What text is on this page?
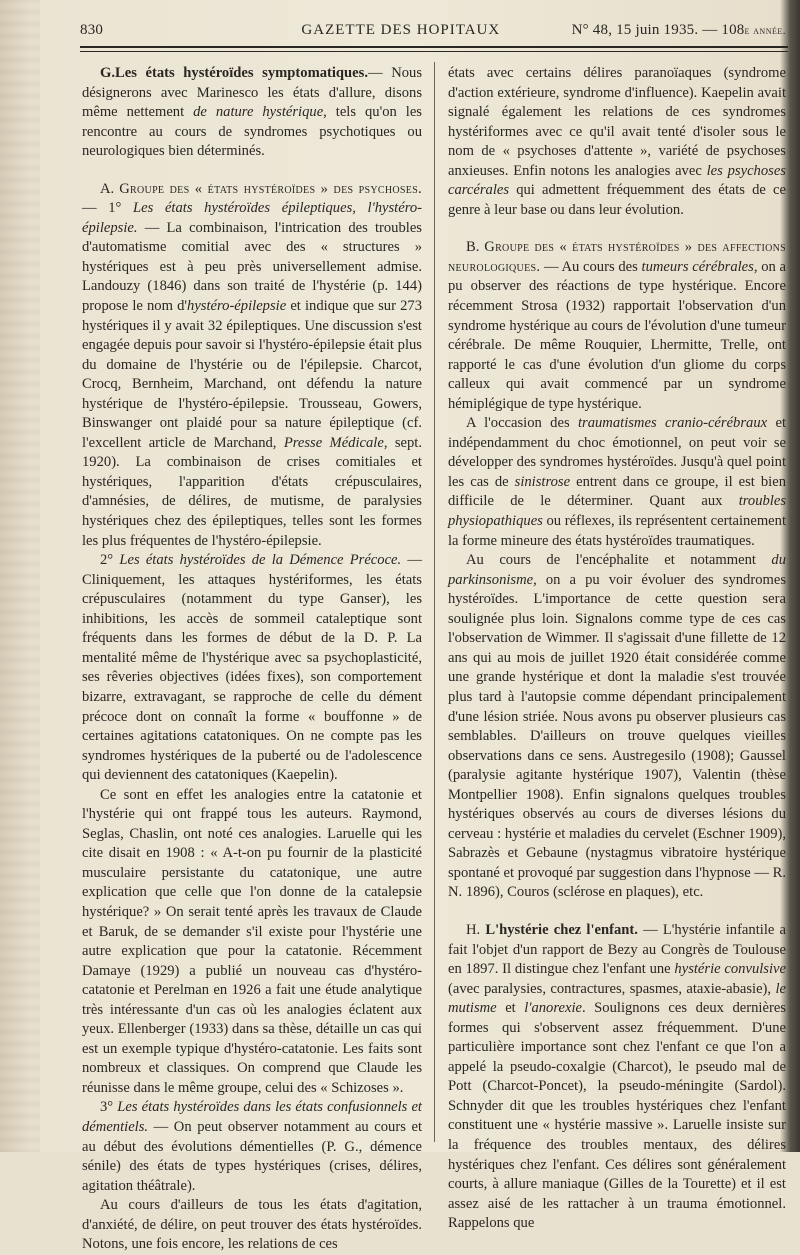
830	GAZETTE DES HOPITAUX	N° 48, 15 juin 1935. — 108e année.

G.Les états hystéroïdes symptomatiques.— Nous désignerons avec Marinesco les états d'allure, disons même nettement de nature hystérique, tels qu'on les rencontre au cours de syndromes psychotiques ou neurologiques bien déterminés.

A. Groupe des « états hystéroïdes » des psychoses. — 1° Les états hystéroïdes épileptiques, l'hystéro-épilepsie. — La combinaison, l'intrication des troubles d'automatisme comitial avec des « structures » hystériques est à peu près universellement admise. Landouzy (1846) dans son traité de l'hystérie (p. 144) propose le nom d'hystéro-épilepsie et indique que sur 273 hystériques il y avait 32 épileptiques. Une discussion s'est engagée depuis pour savoir si l'hystéro-épilepsie était plus du domaine de l'hystérie ou de l'épilepsie. Charcot, Crocq, Bernheim, Marchand, ont défendu la nature hystérique de l'hystéro-épilepsie. Trousseau, Gowers, Binswanger ont plaidé pour sa nature épileptique (cf. l'excellent article de Marchand, Presse Médicale, sept. 1920). La combinaison de crises comitiales et hystériques, l'apparition d'états crépusculaires, d'amnésies, de délires, de mutisme, de paralysies hystériques chez des épileptiques, telles sont les formes les plus fréquentes de l'hystéro-épilepsie.

2° Les états hystéroïdes de la Démence Précoce. — Cliniquement, les attaques hystériformes, les états crépusculaires (notamment du type Ganser), les inhibitions, les accès de sommeil cataleptique sont fréquents dans les formes de début de la D. P. La mentalité même de l'hystérique avec sa psychoplasticité, ses rêveries objectives (idées fixes), son comportement bizarre, extravagant, se rapproche de celle du dément précoce dont on connaît la forme « bouffonne » de certaines agitations catatoniques. On ne compte pas les syndromes hystériques de la puberté ou de l'adolescence qui deviennent des catatoniques (Kaepelin).

Ce sont en effet les analogies entre la catatonie et l'hystérie qui ont frappé tous les auteurs. Raymond, Seglas, Chaslin, ont noté ces analogies. Laruelle qui les cite disait en 1908 : « A-t-on pu fournir de la plasticité musculaire persistante du catatonique, une autre explication que celle que l'on donne de la catalepsie hystérique? » On serait tenté après les travaux de Claude et Baruk, de se demander s'il existe pour l'hystérie une autre explication que pour la catatonie. Récemment Damaye (1929) a publié un nouveau cas d'hystéro-catatonie et Perelman en 1926 a fait une étude analytique très intéressante d'un cas où les analogies éclatent aux yeux. Ellenberger (1933) dans sa thèse, détaille un cas qui est un exemple typique d'hystéro-catatonie. Les faits sont nombreux et classiques. On comprend que Claude les réunisse dans le même groupe, celui des « Schizoses ».

3° Les états hystéroïdes dans les états confusionnels et démentiels. — On peut observer notamment au cours et au début des évolutions démentielles (P. G., démence sénile) des états de types hystériques (crises, délires, agitation théâtrale).

Au cours d'ailleurs de tous les états d'agitation, d'anxiété, de délire, on peut trouver des états hystéroïdes. Notons, une fois encore, les relations de ces

états avec certains délires paranoïaques (syndrome d'action extérieure, syndrome d'influence). Kaepelin avait signalé également les relations de ces syndromes hystériformes avec ce qu'il avait tenté d'isoler sous le nom de « psychoses d'attente », variété de psychoses anxieuses. Enfin notons les analogies avec les psychoses carcérales qui admettent fréquemment des états de ce genre à leur base ou dans leur évolution.

B. Groupe des « états hystéroïdes » des affections neurologiques. — Au cours des tumeurs cérébrales, on a pu observer des réactions de type hystérique. Encore récemment Strosa (1932) rapportait l'observation d'un syndrome hystérique au cours de l'évolution d'une tumeur cérébrale. De même Rouquier, Lhermitte, Trelle, ont rapporté le cas d'une évolution d'un gliome du corps calleux qui avait commencé par un syndrome hémiplégique de type hystérique.

A l'occasion des traumatismes cranio-cérébraux et indépendamment du choc émotionnel, on peut voir se développer des syndromes hystéroïdes. Jusqu'à quel point les cas de sinistrose entrent dans ce groupe, il est bien difficile de le déterminer. Quant aux troubles physiopathiques ou réflexes, ils représentent certainement la forme mineure des états hystéroïdes traumatiques.

Au cours de l'encéphalite et notamment du parkinsonisme, on a pu voir évoluer des syndromes hystéroïdes. L'importance de cette question sera soulignée plus loin. Signalons comme type de ces cas l'observation de Wimmer. Il s'agissait d'une fillette de 12 ans qui au mois de juillet 1920 était considérée comme une grande hystérique et dont la maladie s'est trouvée plus tard à l'autopsie comme dépendant principalement d'une lésion striée. Nous avons pu observer plusieurs cas semblables. D'ailleurs on trouve quelques vieilles observations dans ce sens. Austregesilo (1908); Gaussel (paralysie agitante hystérique 1907), Valentin (thèse Montpellier 1908). Enfin signalons quelques troubles hystériques observés au cours de diverses lésions du cerveau : hystérie et maladies du cervelet (Eschner 1909), Sabrazès et Gebaune (nystagmus vibratoire hystérique spontané et provoqué par suggestion dans l'hypnose — R. N. 1896), Couros (sclérose en plaques), etc.

H. L'hystérie chez l'enfant. — L'hystérie infantile a fait l'objet d'un rapport de Bezy au Congrès de Toulouse en 1897. Il distingue chez l'enfant une hystérie convulsive (avec paralysies, contractures, spasmes, ataxie-abasie), le mutisme et l'anorexie. Soulignons ces deux dernières formes qui s'observent assez fréquemment. D'une particulière importance sont chez l'enfant ce que l'on a appelé la pseudo-coxalgie (Charcot), le pseudo mal de Pott (Charcot-Poncet), la pseudo-méningite (Sardol). Schnyder dit que les troubles hystériques chez l'enfant constituent une « hystérie massive ». Laruelle insiste sur la fréquence des troubles mentaux, des délires hystériques chez l'enfant. Ces délires sont généralement courts, à allure maniaque (Gilles de la Tourette) et il est assez aisé de les rattacher à un trauma émotionnel. Rappelons que
